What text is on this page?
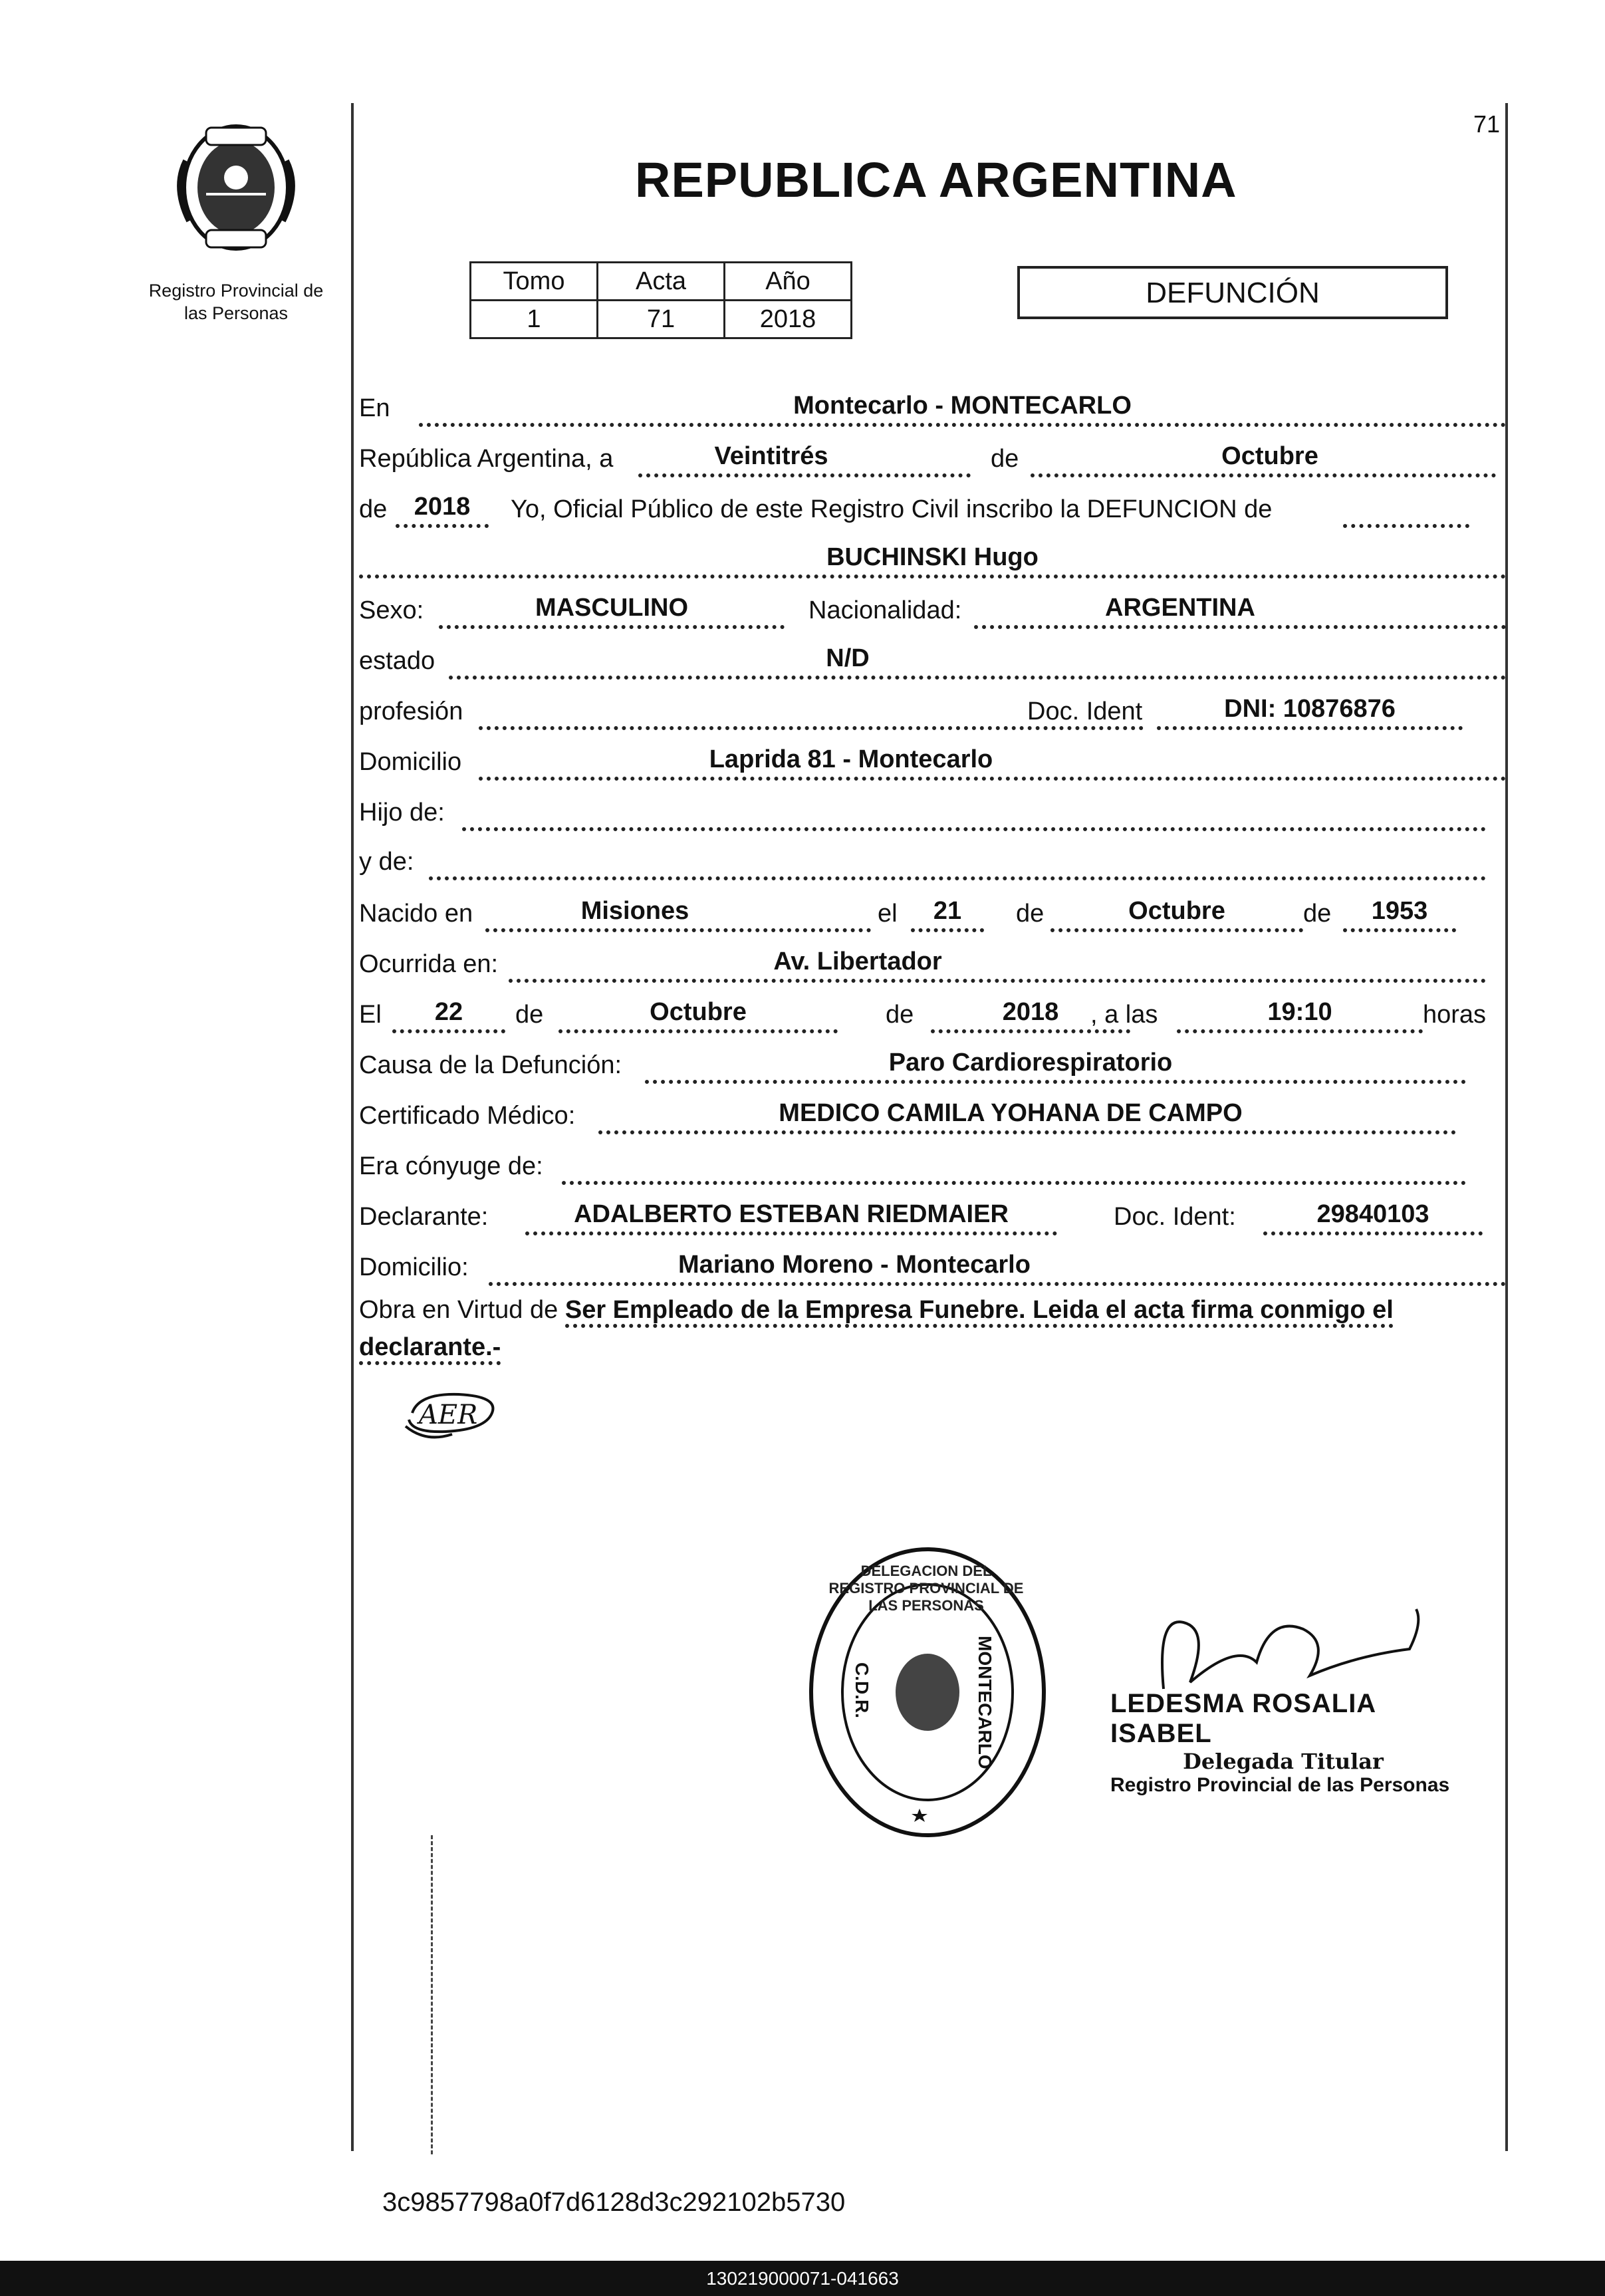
Registro Provincial de
las Personas
71
REPUBLICA ARGENTINA
Tomo	Acta	Año
1	71	2018
DEFUNCIÓN
En	Montecarlo - MONTECARLO
República Argentina, a	Veintitrés	de	Octubre
de	2018	Yo, Oficial Público de este Registro Civil inscribo la DEFUNCION de
BUCHINSKI Hugo
Sexo:	MASCULINO	Nacionalidad:	ARGENTINA
estado	N/D
profesión	Doc. Ident	DNI: 10876876
Domicilio	Laprida 81 - Montecarlo
Hijo de:
y de:
Nacido en	Misiones	el	21	de	Octubre	de	1953
Ocurrida en:	Av. Libertador
El	22	de	Octubre	de	2018	, a las	19:10	horas
Causa de la Defunción:	Paro Cardiorespiratorio
Certificado Médico:	MEDICO CAMILA YOHANA DE CAMPO
Era cónyuge de:
Declarante:	ADALBERTO ESTEBAN RIEDMAIER	Doc. Ident:	29840103
Domicilio:	Mariano Moreno - Montecarlo
Obra en Virtud de Ser Empleado de la Empresa Funebre. Leida el acta firma conmigo el
declarante.-
AER
C.D.R.	MONTECARLO
DELEGACION DEL REGISTRO PROVINCIAL DE LAS PERSONAS
LEDESMA ROSALIA ISABEL
Delegada Titular
Registro Provincial de las Personas
3c9857798a0f7d6128d3c292102b5730
130219000071-041663
